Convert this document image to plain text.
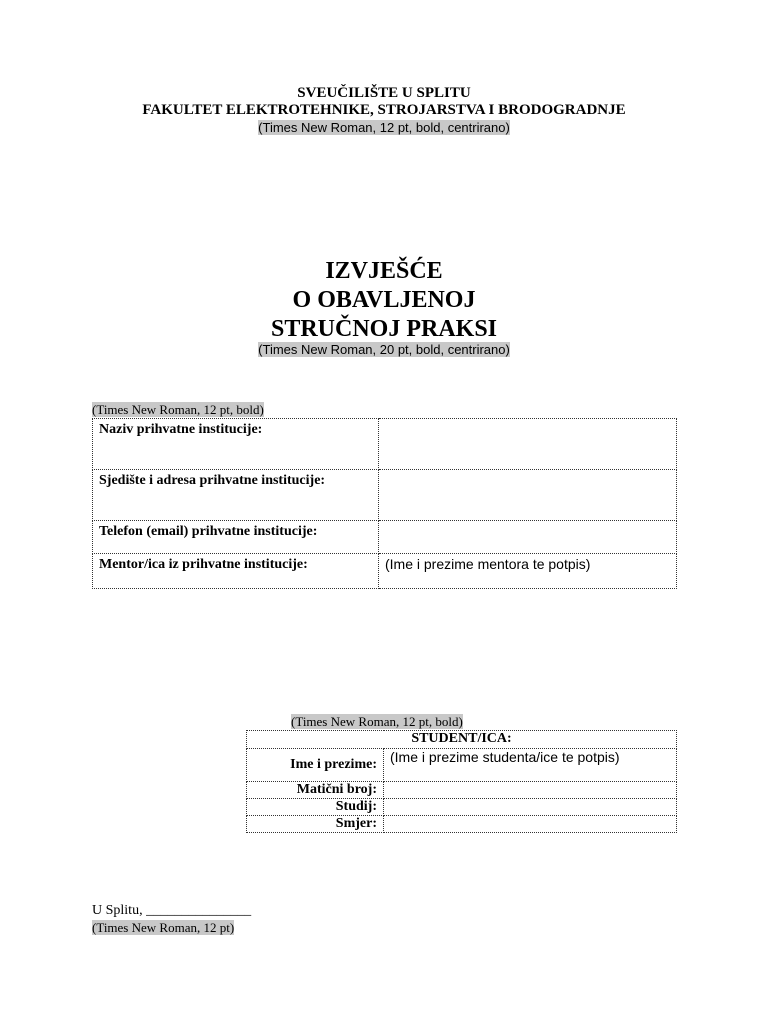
SVEUČILIŠTE U SPLITU
FAKULTET ELEKTROTEHNIKE, STROJARSTVA I BRODOGRADNJE
(Times New Roman, 12 pt, bold, centrirano)
IZVJEŠĆE
O OBAVLJENOJ
STRUČNOJ PRAKSI
(Times New Roman, 20 pt, bold, centrirano)
(Times New Roman, 12 pt, bold)
Naziv prihvatne institucije:	
Sjedište i adresa prihvatne institucije:	
Telefon (email) prihvatne institucije:	
Mentor/ica iz prihvatne institucije:	(Ime i prezime mentora te potpis)
(Times New Roman, 12 pt, bold)
STUDENT/ICA:	
Ime i prezime:	(Ime i prezime studenta/ice te potpis)
Matični broj:	
Studij:	
Smjer:	
U Splitu, _______________
(Times New Roman, 12 pt)
